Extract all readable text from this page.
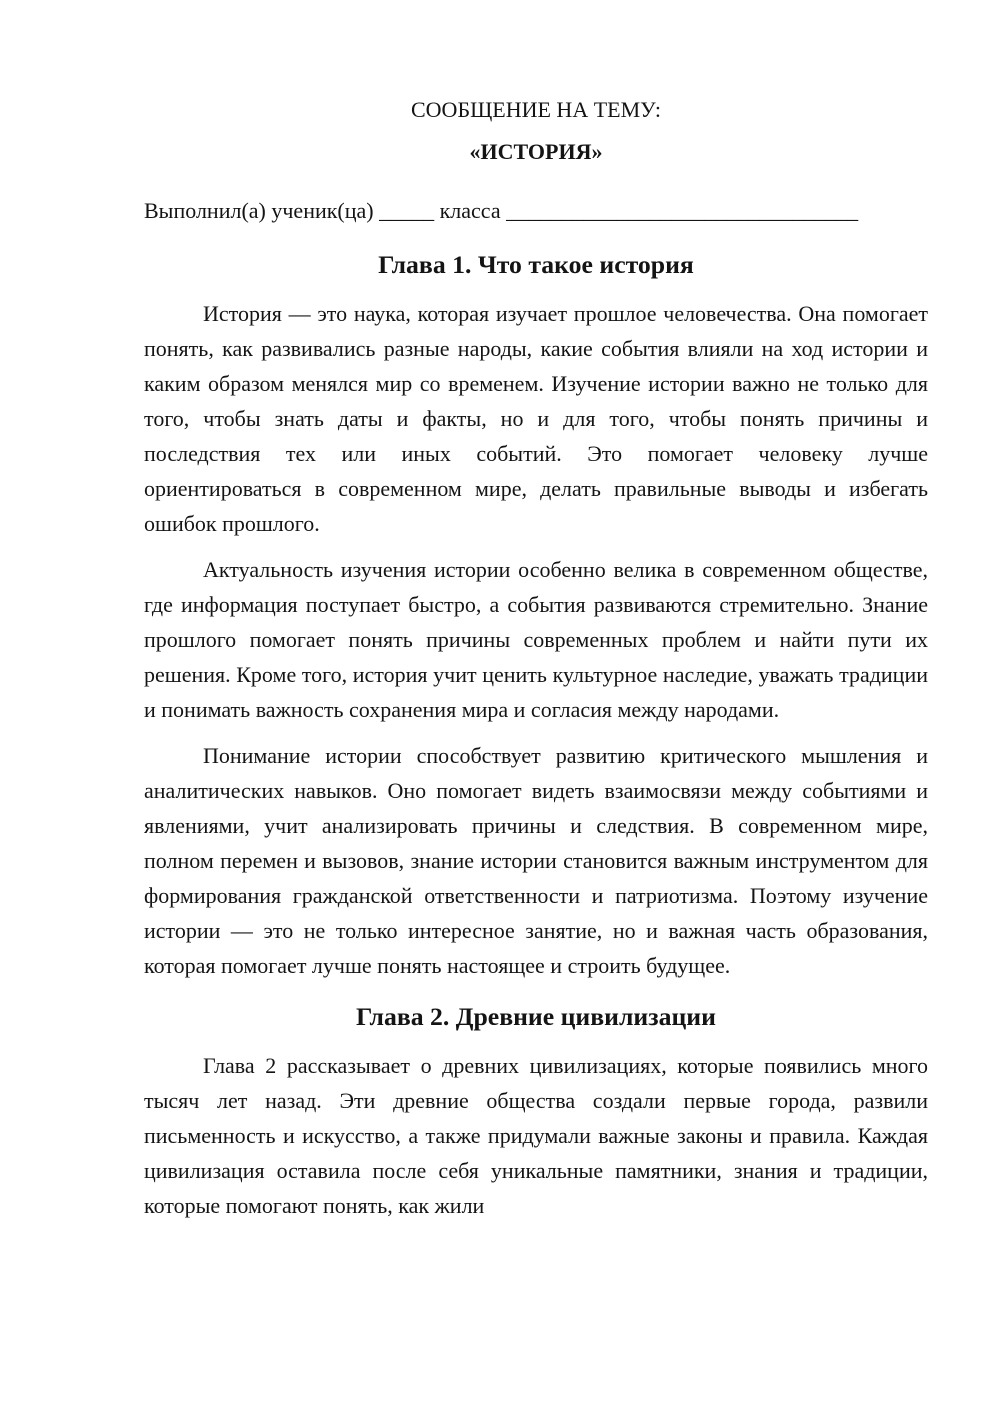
СООБЩЕНИЕ НА ТЕМУ:
«ИСТОРИЯ»
Выполнил(а) ученик(ца) _____ класса ________________________________
Глава 1. Что такое история

История — это наука, которая изучает прошлое человечества. Она помогает понять, как развивались разные народы, какие события влияли на ход истории и каким образом менялся мир со временем. Изучение истории важно не только для того, чтобы знать даты и факты, но и для того, чтобы понять причины и последствия тех или иных событий. Это помогает человеку лучше ориентироваться в современном мире, делать правильные выводы и избегать ошибок прошлого.

Актуальность изучения истории особенно велика в современном обществе, где информация поступает быстро, а события развиваются стремительно. Знание прошлого помогает понять причины современных проблем и найти пути их решения. Кроме того, история учит ценить культурное наследие, уважать традиции и понимать важность сохранения мира и согласия между народами.

Понимание истории способствует развитию критического мышления и аналитических навыков. Оно помогает видеть взаимосвязи между событиями и явлениями, учит анализировать причины и следствия. В современном мире, полном перемен и вызовов, знание истории становится важным инструментом для формирования гражданской ответственности и патриотизма. Поэтому изучение истории — это не только интересное занятие, но и важная часть образования, которая помогает лучше понять настоящее и строить будущее.

Глава 2. Древние цивилизации

Глава 2 рассказывает о древних цивилизациях, которые появились много тысяч лет назад. Эти древние общества создали первые города, развили письменность и искусство, а также придумали важные законы и правила. Каждая цивилизация оставила после себя уникальные памятники, знания и традиции, которые помогают понять, как жили
